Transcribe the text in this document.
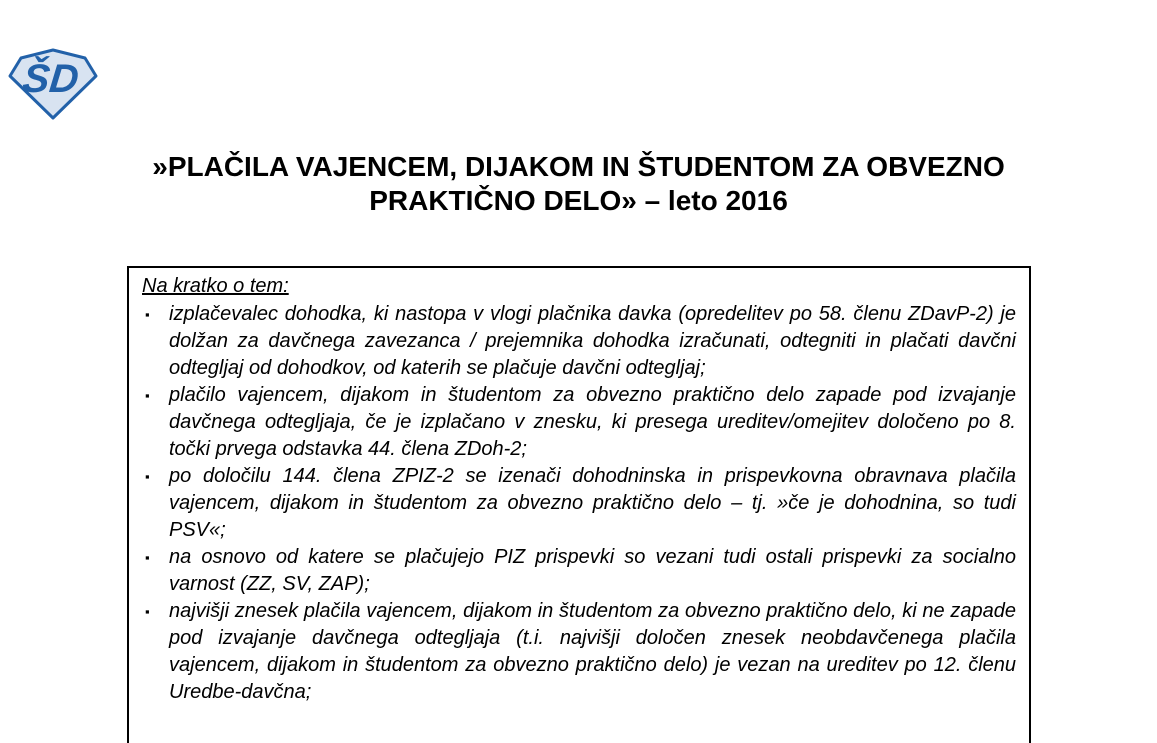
ŠD
»PLAČILA VAJENCEM, DIJAKOM IN ŠTUDENTOM ZA OBVEZNO
PRAKTIČNO DELO» – leto 2016
Na kratko o tem:
▪ izplačevalec dohodka, ki nastopa v vlogi plačnika davka (opredelitev po 58. členu ZDavP-2) je dolžan za davčnega zavezanca / prejemnika dohodka izračunati, odtegniti in plačati davčni odtegljaj od dohodkov, od katerih se plačuje davčni odtegljaj;
▪ plačilo vajencem, dijakom in študentom za obvezno praktično delo zapade pod izvajanje davčnega odtegljaja, če je izplačano v znesku, ki presega ureditev/omejitev določeno po 8. točki prvega odstavka 44. člena ZDoh-2;
▪ po določilu 144. člena ZPIZ-2 se izenači dohodninska in prispevkovna obravnava plačila vajencem, dijakom in študentom za obvezno praktično delo – tj. »če je dohodnina, so tudi PSV«;
▪ na osnovo od katere se plačujejo PIZ prispevki so vezani tudi ostali prispevki za socialno varnost (ZZ, SV, ZAP);
▪ najvišji znesek plačila vajencem, dijakom in študentom za obvezno praktično delo, ki ne zapade pod izvajanje davčnega odtegljaja (t.i. najvišji določen znesek neobdavčenega plačila vajencem, dijakom in študentom za obvezno praktično delo) je vezan na ureditev po 12. členu Uredbe-davčna;
